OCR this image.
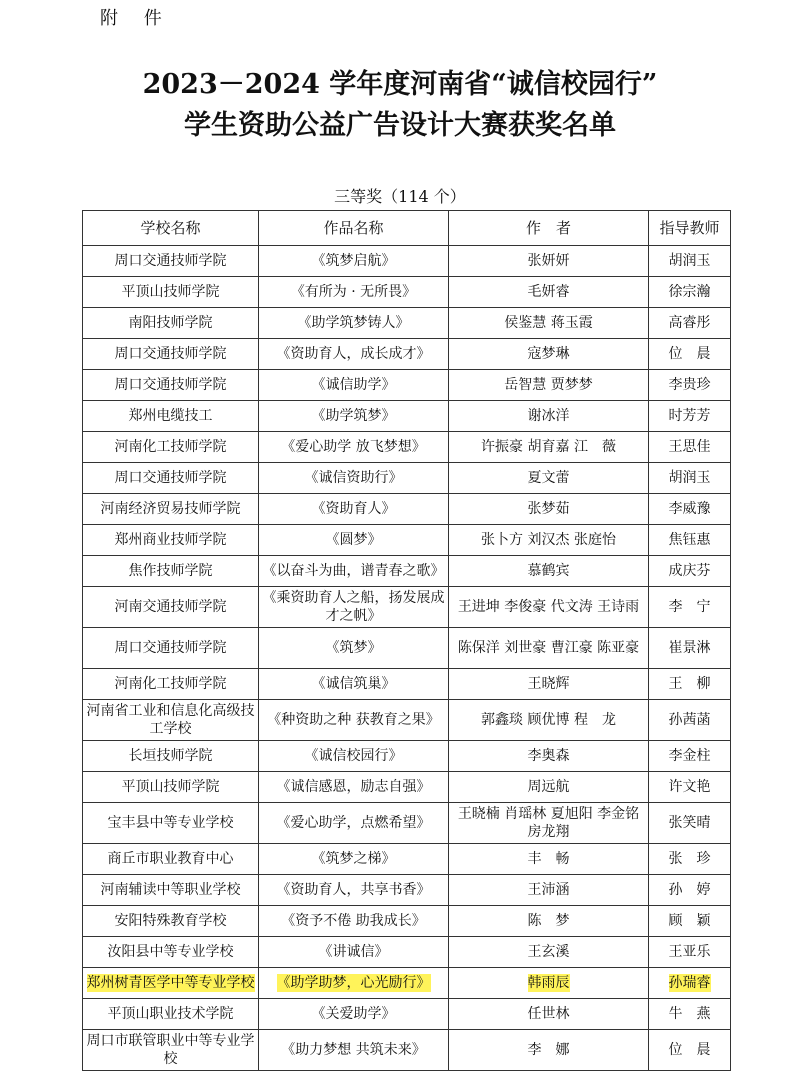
附 件
2023－2024 学年度河南省“诚信校园行”
学生资助公益广告设计大赛获奖名单
三等奖（114 个）
学校名称	作品名称	作　者	指导教师
周口交通技师学院	《筑梦启航》	张妍妍	胡润玉
平顶山技师学院	《有所为 · 无所畏》	毛妍睿	徐宗瀚
南阳技师学院	《助学筑梦铸人》	侯鉴慧 蒋玉霞	高睿彤
周口交通技师学院	《资助育人，成长成才》	寇梦琳	位　晨
周口交通技师学院	《诚信助学》	岳智慧 贾梦梦	李贵珍
郑州电缆技工	《助学筑梦》	谢冰洋	时芳芳
河南化工技师学院	《爱心助学 放飞梦想》	许振豪 胡育嘉 江　薇	王思佳
周口交通技师学院	《诚信资助行》	夏文蕾	胡润玉
河南经济贸易技师学院	《资助育人》	张梦茹	李威豫
郑州商业技师学院	《圆梦》	张卜方 刘汉杰 张庭怡	焦钰惠
焦作技师学院	《以奋斗为曲，谱青春之歌》	慕鹤宾	成庆芬
河南交通技师学院	《乘资助育人之船，扬发展成才之帆》	王进坤 李俊豪 代文涛 王诗雨	李　宁
周口交通技师学院	《筑梦》	陈保洋 刘世豪 曹江豪 陈亚豪	崔景淋
河南化工技师学院	《诚信筑巢》	王晓辉	王　柳
河南省工业和信息化高级技工学校	《种资助之种 获教育之果》	郭鑫琰 顾优博 程　龙	孙茜菡
长垣技师学院	《诚信校园行》	李奥森	李金柱
平顶山技师学院	《诚信感恩，励志自强》	周远航	许文艳
宝丰县中等专业学校	《爱心助学，点燃希望》	王晓楠 肖瑶林 夏旭阳 李金铭 房龙翔	张笑晴
商丘市职业教育中心	《筑梦之梯》	丰　畅	张　珍
河南辅读中等职业学校	《资助育人，共享书香》	王沛涵	孙　婷
安阳特殊教育学校	《资予不倦 助我成长》	陈　梦	顾　颖
汝阳县中等专业学校	《讲诚信》	王玄溪	王亚乐
郑州树青医学中等专业学校	《助学助梦，心光励行》	韩雨辰	孙瑞睿
平顶山职业技术学院	《关爱助学》	任世林	牛　燕
周口市联管职业中等专业学校	《助力梦想 共筑未来》	李　娜	位　晨
